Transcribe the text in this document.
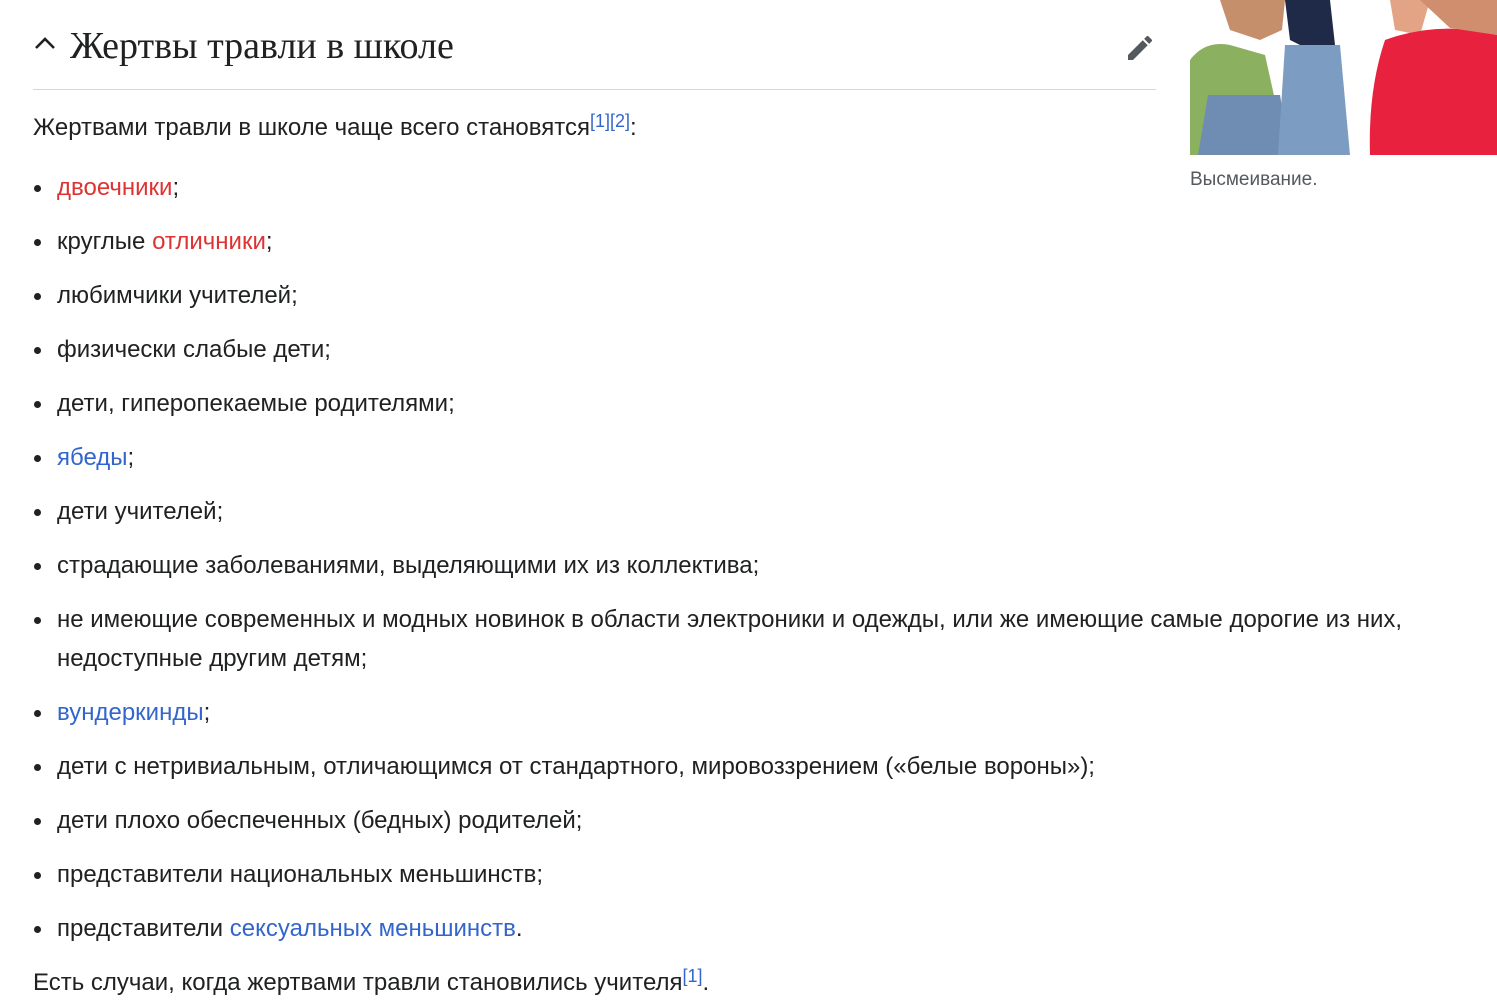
Жертвы травли в школе
Высмеивание.

Жертвами травли в школе чаще всего становятся[1][2]:

двоечники;
круглые отличники;
любимчики учителей;
физически слабые дети;
дети, гиперопекаемые родителями;
ябеды;
дети учителей;
страдающие заболеваниями, выделяющими их из коллектива;
не имеющие современных и модных новинок в области электроники и одежды, или же имеющие самые дорогие из них, недоступные другим детям;
вундеркинды;
дети с нетривиальным, отличающимся от стандартного, мировоззрением («белые вороны»);
дети плохо обеспеченных (бедных) родителей;
представители национальных меньшинств;
представители сексуальных меньшинств.

Есть случаи, когда жертвами травли становились учителя[1].
